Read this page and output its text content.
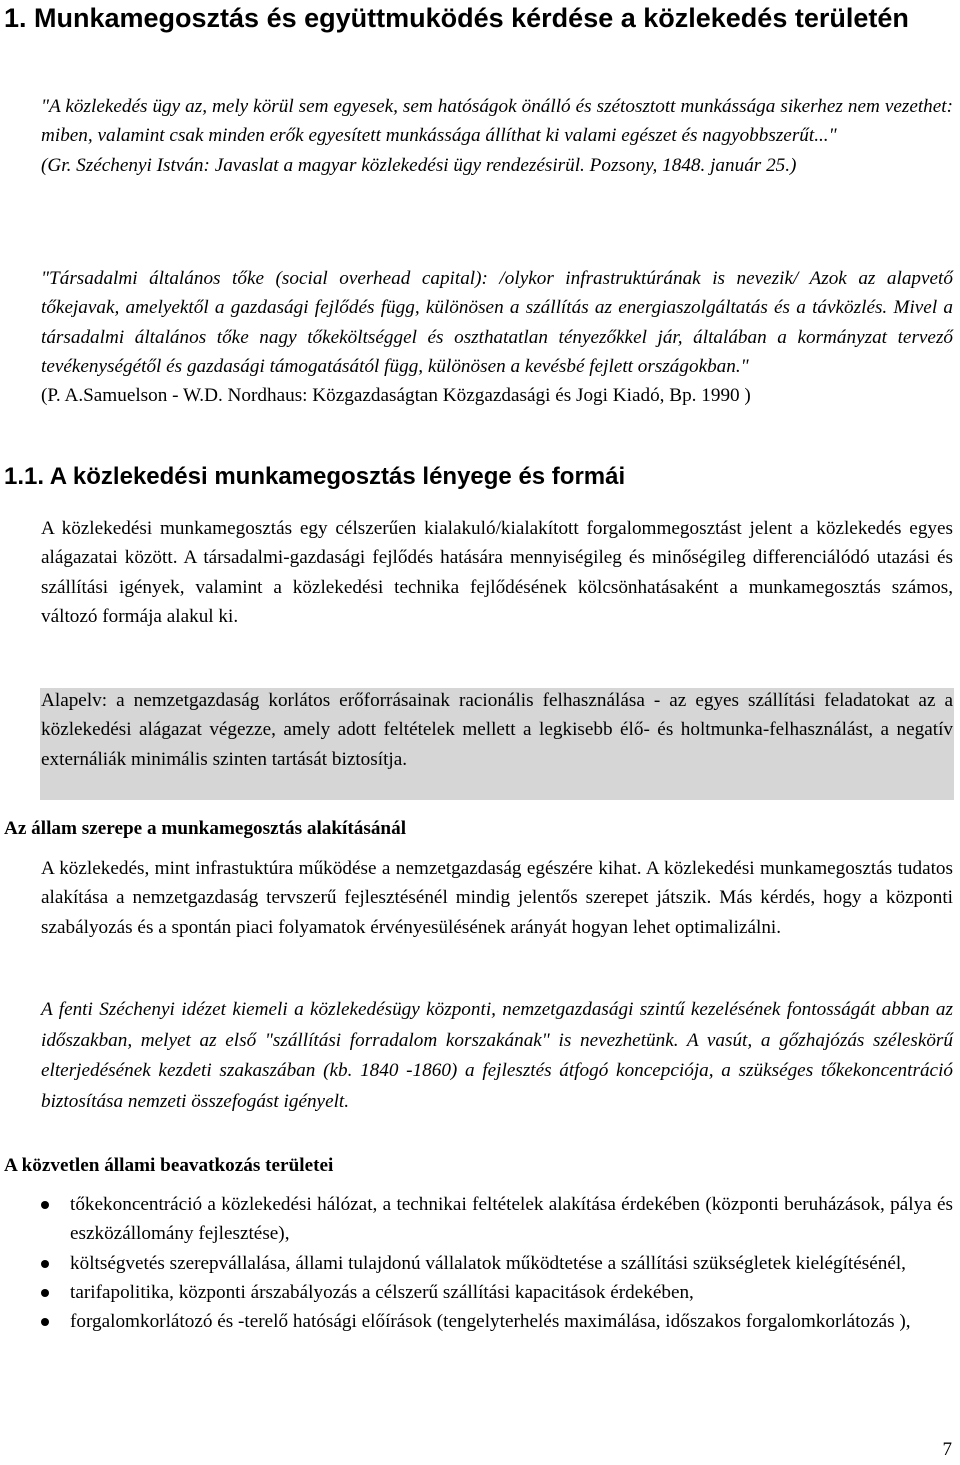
1. Munkamegosztás és együttmuködés kérdése a közlekedés területén

"A közlekedés ügy az, mely körül sem egyesek, sem hatóságok önálló és szétosztott munkássága sikerhez nem vezethet: miben, valamint csak minden erők egyesített munkássága állíthat ki valami egészet és nagyobbszerűt..."

(Gr. Széchenyi István: Javaslat a magyar közlekedési ügy rendezésirül. Pozsony, 1848. január 25.)

"Társadalmi általános tőke (social overhead capital): /olykor infrastruktúrának is nevezik/ Azok az alapvető tőkejavak, amelyektől a gazdasági fejlődés függ, különösen a szállítás az energiaszolgáltatás és a távközlés. Mivel a társadalmi általános tőke nagy tőkeköltséggel és oszthatatlan tényezőkkel jár, általában a kormányzat tervező tevékenységétől és gazdasági támogatásától függ, különösen a kevésbé fejlett országokban."

(P. A.Samuelson - W.D. Nordhaus: Közgazdaságtan Közgazdasági és Jogi Kiadó, Bp. 1990 )

1.1. A közlekedési munkamegosztás lényege és formái
A közlekedési munkamegosztás egy célszerűen kialakuló/kialakított forgalommegosztást jelent a közlekedés egyes alágazatai között. A társadalmi-gazdasági fejlődés hatására mennyiségileg és minőségileg differenciálódó utazási és szállítási igények, valamint a közlekedési technika fejlődésének kölcsönhatásaként a munkamegosztás számos, változó formája alakul ki.
Alapelv: a nemzetgazdaság korlátos erőforrásainak racionális felhasználása - az egyes szállítási feladatokat az a közlekedési alágazat végezze, amely adott feltételek mellett a legkisebb élő- és holtmunka-felhasználást, a negatív externáliák minimális szinten tartását biztosítja.
Az állam szerepe a munkamegosztás alakításánál
A közlekedés, mint infrastuktúra működése a nemzetgazdaság egészére kihat. A közlekedési munkamegosztás tudatos alakítása a nemzetgazdaság tervszerű fejlesztésénél mindig jelentős szerepet játszik. Más kérdés, hogy a központi szabályozás és a spontán piaci folyamatok érvényesülésének arányát hogyan lehet optimalizálni.
A fenti Széchenyi idézet kiemeli a közlekedésügy központi, nemzetgazdasági szintű kezelésének fontosságát abban az időszakban, melyet az első "szállítási forradalom korszakának" is nevezhetünk. A vasút, a gőzhajózás széleskörű elterjedésének kezdeti szakaszában (kb. 1840 -1860) a fejlesztés átfogó koncepciója, a szükséges tőkekoncentráció biztosítása nemzeti összefogást igényelt.
A közvetlen állami beavatkozás területei
tőkekoncentráció a közlekedési hálózat, a technikai feltételek alakítása érdekében (központi beruházások, pálya és eszközállomány fejlesztése),
költségvetés szerepvállalása, állami tulajdonú vállalatok működtetése a szállítási szükségletek kielégítésénél,
tarifapolitika, központi árszabályozás a célszerű szállítási kapacitások érdekében,
forgalomkorlátozó és -terelő hatósági előírások (tengelyterhelés maximálása, időszakos forgalomkorlátozás ),
7
